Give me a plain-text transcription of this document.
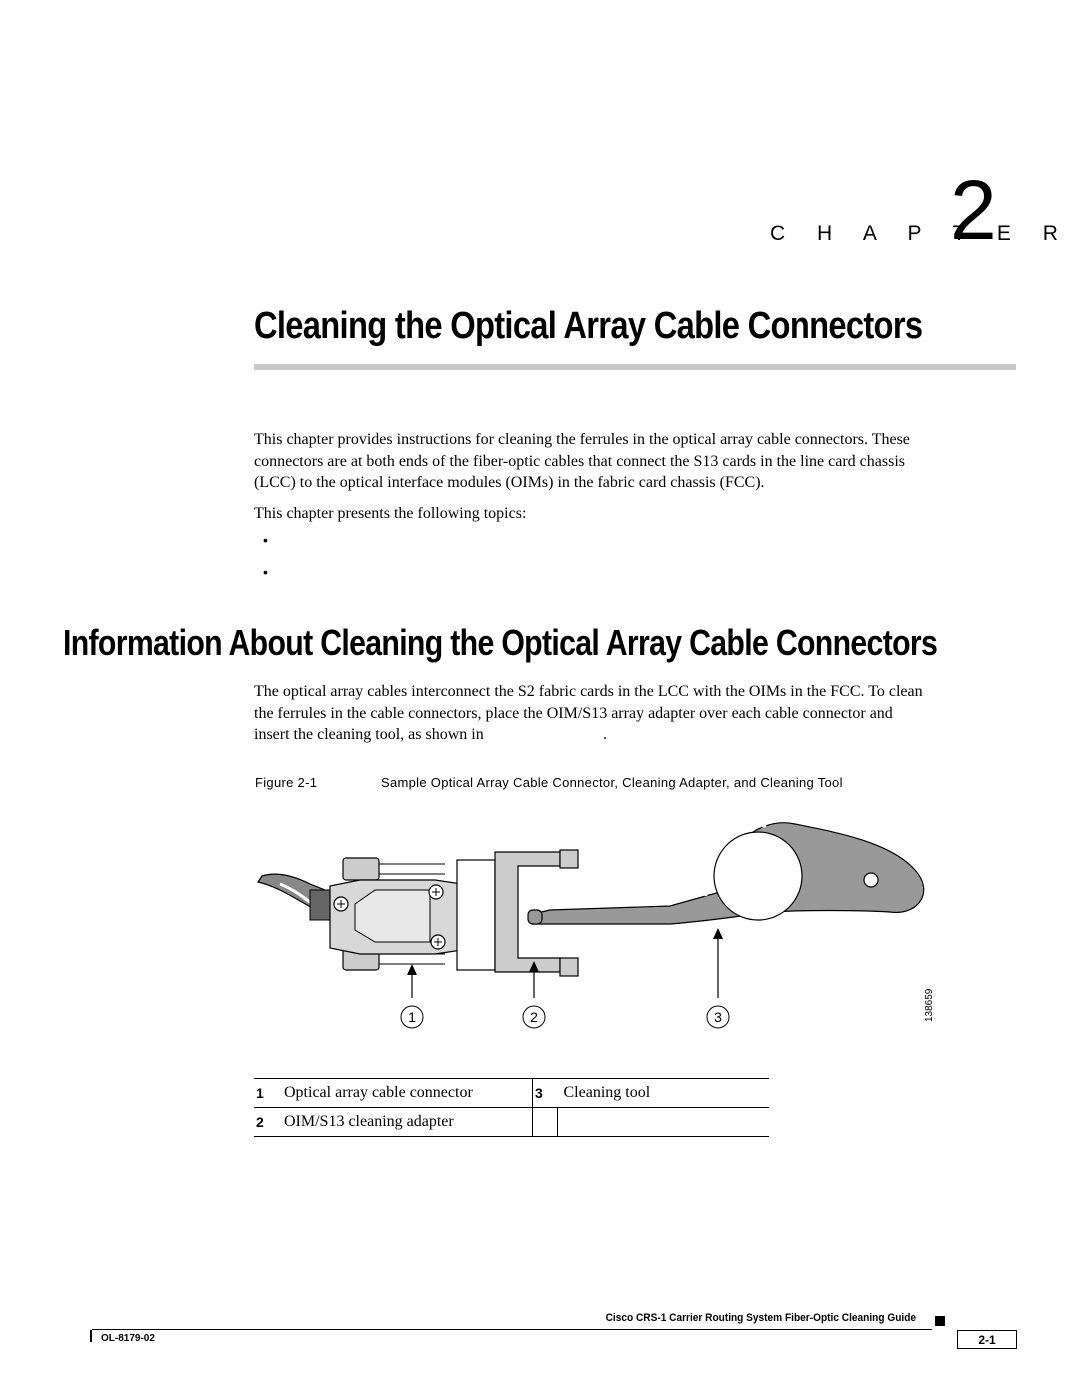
C H A P T E R
2
Cleaning the Optical Array Cable Connectors
This chapter provides instructions for cleaning the ferrules in the optical array cable connectors. These
connectors are at both ends of the fiber-optic cables that connect the S13 cards in the line card chassis
(LCC) to the optical interface modules (OIMs) in the fabric card chassis (FCC).
This chapter presents the following topics:
•
•
Information About Cleaning the Optical Array Cable Connectors
The optical array cables interconnect the S2 fabric cards in the LCC with the OIMs in the FCC. To clean
the ferrules in the cable connectors, place the OIM/S13 array adapter over each cable connector and
insert the cleaning tool, as shown in	.
Figure 2-1	Sample Optical Array Cable Connector, Cleaning Adapter, and Cleaning Tool
1	2	3	138659
1	Optical array cable connector	3	Cleaning tool
2	OIM/S13 cleaning adapter		
Cisco CRS-1 Carrier Routing System Fiber-Optic Cleaning Guide
OL-8179-02	2-1
